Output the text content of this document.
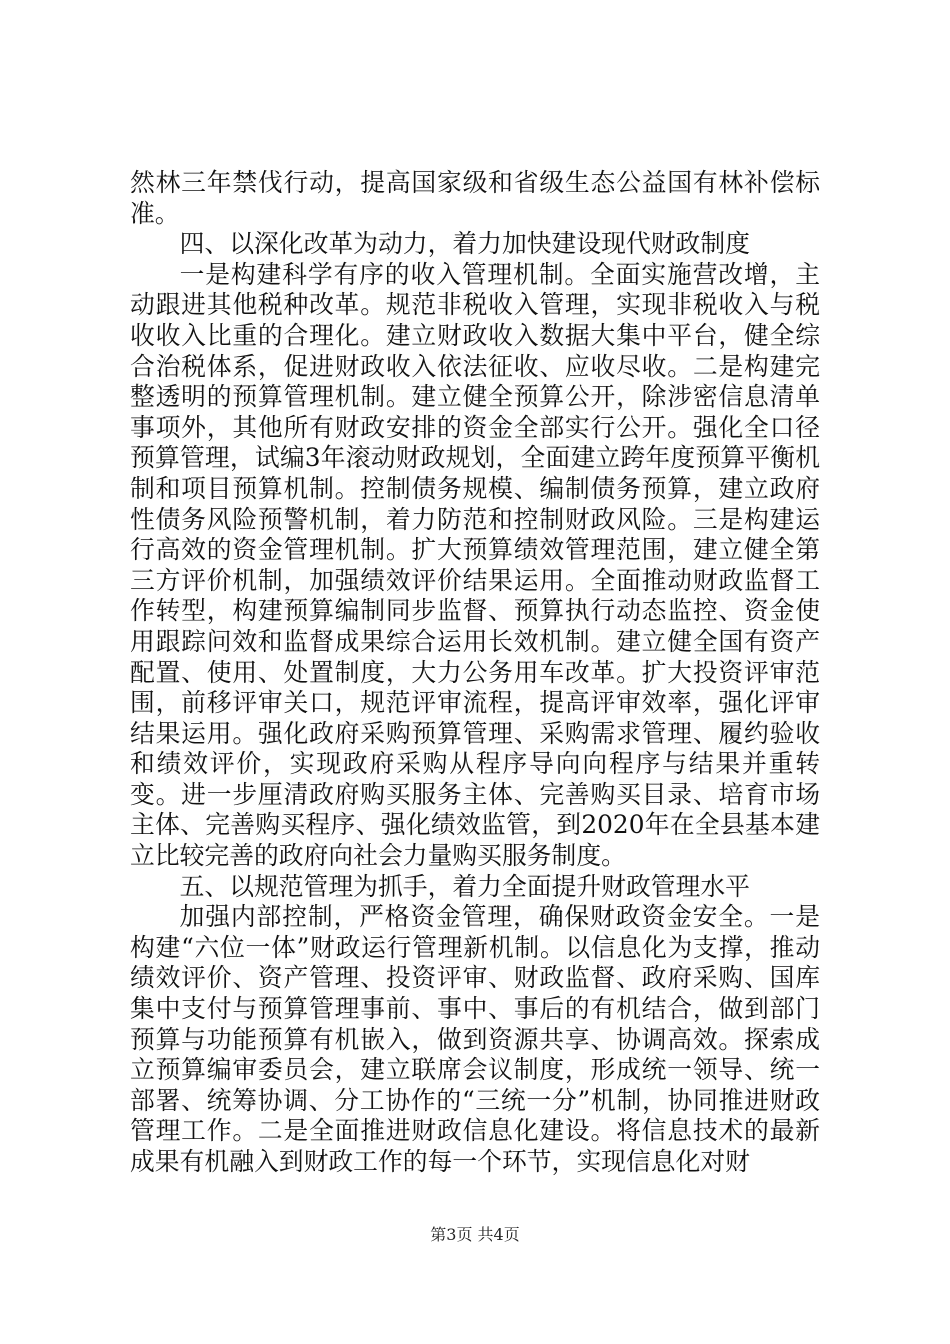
然林三年禁伐行动，提高国家级和省级生态公益国有林补偿标准。

四、以深化改革为动力，着力加快建设现代财政制度

一是构建科学有序的收入管理机制。全面实施营改增，主动跟进其他税种改革。规范非税收入管理，实现非税收入与税收收入比重的合理化。建立财政收入数据大集中平台，健全综合治税体系，促进财政收入依法征收、应收尽收。二是构建完整透明的预算管理机制。建立健全预算公开，除涉密信息清单事项外，其他所有财政安排的资金全部实行公开。强化全口径预算管理，试编3年滚动财政规划，全面建立跨年度预算平衡机制和项目预算机制。控制债务规模、编制债务预算，建立政府性债务风险预警机制，着力防范和控制财政风险。三是构建运行高效的资金管理机制。扩大预算绩效管理范围，建立健全第三方评价机制，加强绩效评价结果运用。全面推动财政监督工作转型，构建预算编制同步监督、预算执行动态监控、资金使用跟踪问效和监督成果综合运用长效机制。建立健全国有资产配置、使用、处置制度，大力公务用车改革。扩大投资评审范围，前移评审关口，规范评审流程，提高评审效率，强化评审结果运用。强化政府采购预算管理、采购需求管理、履约验收和绩效评价，实现政府采购从程序导向向程序与结果并重转变。进一步厘清政府购买服务主体、完善购买目录、培育市场主体、完善购买程序、强化绩效监管，到2020年在全县基本建立比较完善的政府向社会力量购买服务制度。

五、以规范管理为抓手，着力全面提升财政管理水平

加强内部控制，严格资金管理，确保财政资金安全。一是构建“六位一体”财政运行管理新机制。以信息化为支撑，推动绩效评价、资产管理、投资评审、财政监督、政府采购、国库集中支付与预算管理事前、事中、事后的有机结合，做到部门预算与功能预算有机嵌入，做到资源共享、协调高效。探索成立预算编审委员会，建立联席会议制度，形成统一领导、统一部署、统筹协调、分工协作的“三统一分”机制，协同推进财政管理工作。二是全面推进财政信息化建设。将信息技术的最新成果有机融入到财政工作的每一个环节，实现信息化对财

第3页 共4页
